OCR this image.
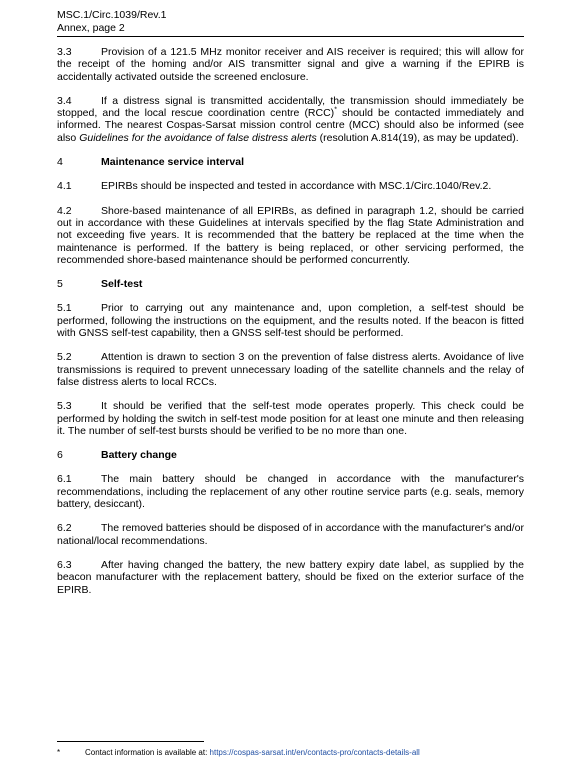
MSC.1/Circ.1039/Rev.1
Annex, page 2

3.3	Provision of a 121.5 MHz monitor receiver and AIS receiver is required; this will allow for the receipt of the homing and/or AIS transmitter signal and give a warning if the EPIRB is accidentally activated outside the screened enclosure.

3.4	If a distress signal is transmitted accidentally, the transmission should immediately be stopped, and the local rescue coordination centre (RCC)* should be contacted immediately and informed. The nearest Cospas-Sarsat mission control centre (MCC) should also be informed (see also Guidelines for the avoidance of false distress alerts (resolution A.814(19), as may be updated).

4	Maintenance service interval

4.1	EPIRBs should be inspected and tested in accordance with MSC.1/Circ.1040/Rev.2.

4.2	Shore-based maintenance of all EPIRBs, as defined in paragraph 1.2, should be carried out in accordance with these Guidelines at intervals specified by the flag State Administration and not exceeding five years. It is recommended that the battery be replaced at the time when the maintenance is performed. If the battery is being replaced, or other servicing performed, the recommended shore-based maintenance should be performed concurrently.

5	Self-test

5.1	Prior to carrying out any maintenance and, upon completion, a self-test should be performed, following the instructions on the equipment, and the results noted. If the beacon is fitted with GNSS self-test capability, then a GNSS self-test should be performed.

5.2	Attention is drawn to section 3 on the prevention of false distress alerts. Avoidance of live transmissions is required to prevent unnecessary loading of the satellite channels and the relay of false distress alerts to local RCCs.

5.3	It should be verified that the self-test mode operates properly. This check could be performed by holding the switch in self-test mode position for at least one minute and then releasing it. The number of self-test bursts should be verified to be no more than one.

6	Battery change

6.1	The main battery should be changed in accordance with the manufacturer's recommendations, including the replacement of any other routine service parts (e.g. seals, memory battery, desiccant).

6.2	The removed batteries should be disposed of in accordance with the manufacturer's and/or national/local recommendations.

6.3	After having changed the battery, the new battery expiry date label, as supplied by the beacon manufacturer with the replacement battery, should be fixed on the exterior surface of the EPIRB.

*	Contact information is available at: https://cospas-sarsat.int/en/contacts-pro/contacts-details-all
